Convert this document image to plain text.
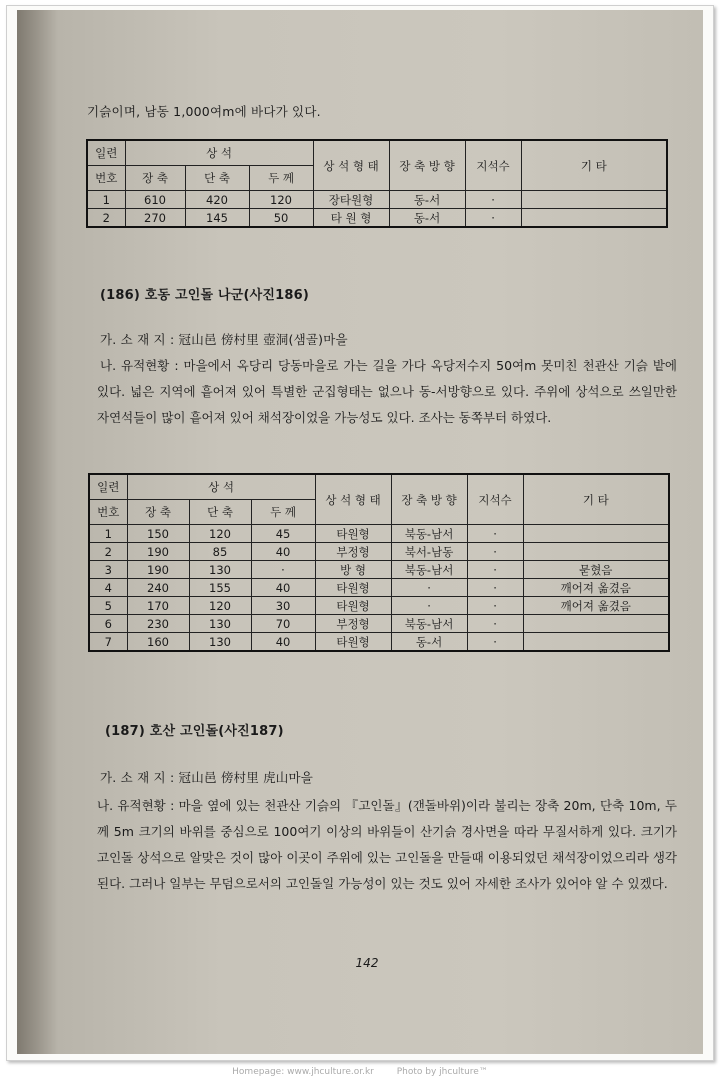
기슭이며, 남동 1,000여m에 바다가 있다.
일련	상 석			상 석 형 태	장 축 방 향	지석수	기 타
번호	장 축	단 축	두 께				
1	610	420	120	장타원형	동-서	·	
2	270	145	50	타 원 형	동-서	·	
(186) 호동 고인돌 나군(사진186)
가. 소 재 지 : 冠山邑 傍村里 壺洞(샘골)마을
나. 유적현황 : 마을에서 옥당리 당동마을로 가는 길을 가다 옥당저수지 50여m 못미친 천관산 기슭 밭에 있다. 넓은 지역에 흩어져 있어 특별한 군집형태는 없으나 동-서방향으로 있다. 주위에 상석으로 쓰일만한 자연석들이 많이 흩어져 있어 채석장이었을 가능성도 있다. 조사는 동쪽부터 하였다.
일련	상 석			상 석 형 태	장 축 방 향	지석수	기 타
번호	장 축	단 축	두 께				
1	150	120	45	타원형	북동-남서	·	
2	190	85	40	부정형	북서-남동	·	
3	190	130	·	방 형	북동-남서	·	묻혔음
4	240	155	40	타원형	·	·	깨어져 옮겼음
5	170	120	30	타원형	·	·	깨어져 옮겼음
6	230	130	70	부정형	북동-남서	·	
7	160	130	40	타원형	동-서	·	
(187) 호산 고인돌(사진187)
가. 소 재 지 : 冠山邑 傍村里 虎山마을
나. 유적현황 : 마을 옆에 있는 천관산 기슭의 『고인돌』(갠돌바위)이라 불리는 장축 20m, 단축 10m, 두께 5m 크기의 바위를 중심으로 100여기 이상의 바위들이 산기슭 경사면을 따라 무질서하게 있다. 크기가 고인돌 상석으로 알맞은 것이 많아 이곳이 주위에 있는 고인돌을 만들때 이용되었던 채석장이었으리라 생각된다. 그러나 일부는 무덤으로서의 고인돌일 가능성이 있는 것도 있어 자세한 조사가 있어야 알 수 있겠다.
142
Homepage: www.jhculture.or.kr	Photo by jhculture™
